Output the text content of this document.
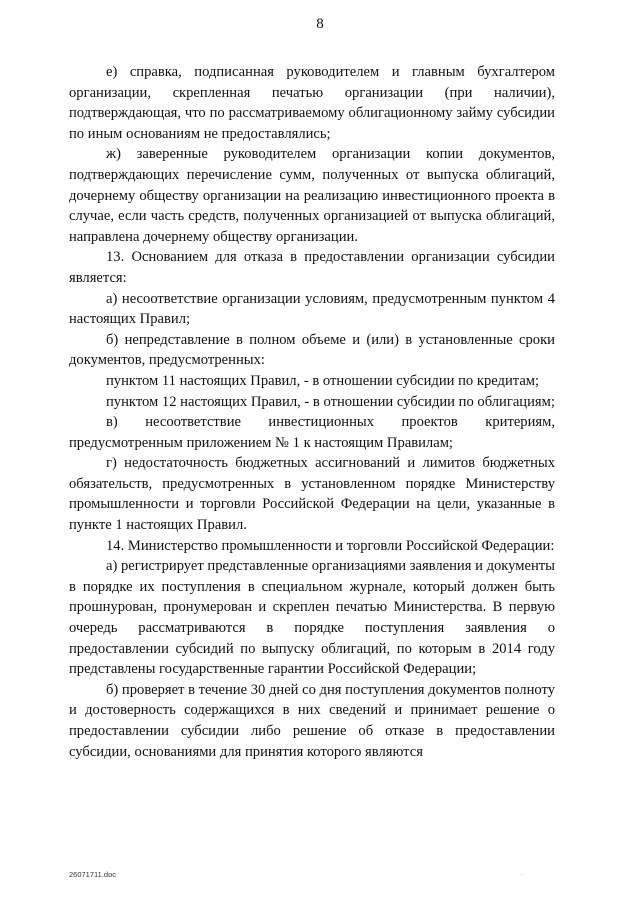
8

е) справка, подписанная руководителем и главным бухгалтером организации, скрепленная печатью организации (при наличии), подтверждающая, что по рассматриваемому облигационному займу субсидии по иным основаниям не предоставлялись;

ж) заверенные руководителем организации копии документов, подтверждающих перечисление сумм, полученных от выпуска облигаций, дочернему обществу организации на реализацию инвестиционного проекта в случае, если часть средств, полученных организацией от выпуска облигаций, направлена дочернему обществу организации.

13. Основанием для отказа в предоставлении организации субсидии является:

а) несоответствие организации условиям, предусмотренным пунктом 4 настоящих Правил;

б) непредставление в полном объеме и (или) в установленные сроки документов, предусмотренных:

пунктом 11 настоящих Правил, - в отношении субсидии по кредитам;

пунктом 12 настоящих Правил, - в отношении субсидии по облигациям;

в) несоответствие инвестиционных проектов критериям, предусмотренным приложением № 1 к настоящим Правилам;

г) недостаточность бюджетных ассигнований и лимитов бюджетных обязательств, предусмотренных в установленном порядке Министерству промышленности и торговли Российской Федерации на цели, указанные в пункте 1 настоящих Правил.

14. Министерство промышленности и торговли Российской Федерации:

а) регистрирует представленные организациями заявления и документы в порядке их поступления в специальном журнале, который должен быть прошнурован, пронумерован и скреплен печатью Министерства. В первую очередь рассматриваются в порядке поступления заявления о предоставлении субсидий по выпуску облигаций, по которым в 2014 году представлены государственные гарантии Российской Федерации;

б) проверяет в течение 30 дней со дня поступления документов полноту и достоверность содержащихся в них сведений и принимает решение о предоставлении субсидии либо решение об отказе в предоставлении субсидии, основаниями для принятия которого являются

26071711.doc	.
